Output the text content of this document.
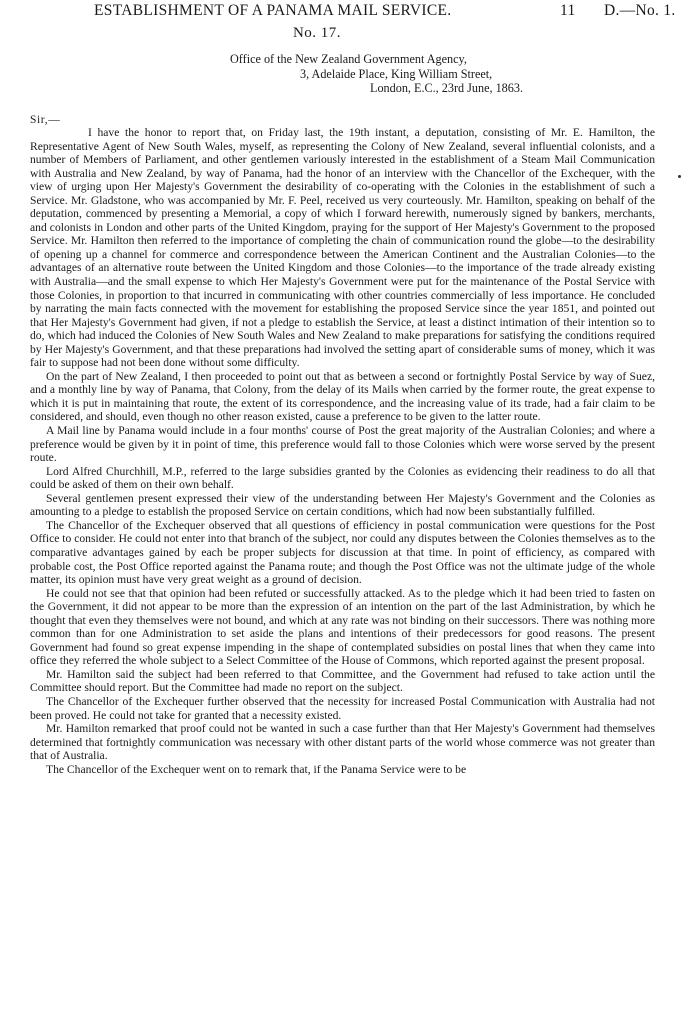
ESTABLISHMENT OF A PANAMA MAIL SERVICE.	11 D.—No. 1.
No. 17.
Office of the New Zealand Government Agency,
3, Adelaide Place, King William Street,
London, E.C., 23rd June, 1863.
Sir,—

I have the honor to report that, on Friday last, the 19th instant, a deputation, consisting of Mr. E. Hamilton, the Representative Agent of New South Wales, myself, as representing the Colony of New Zealand, several influential colonists, and a number of Members of Parliament, and other gentlemen variously interested in the establishment of a Steam Mail Communication with Australia and New Zealand, by way of Panama, had the honor of an interview with the Chancellor of the Exchequer, with the view of urging upon Her Majesty's Government the desirability of co-operating with the Colonies in the establishment of such a Service. Mr. Gladstone, who was accompanied by Mr. F. Peel, received us very courteously. Mr. Hamilton, speaking on behalf of the deputation, commenced by presenting a Memorial, a copy of which I forward herewith, numerously signed by bankers, merchants, and colonists in London and other parts of the United Kingdom, praying for the support of Her Majesty's Government to the proposed Service. Mr. Hamilton then referred to the importance of completing the chain of communication round the globe—to the desirability of opening up a channel for commerce and correspondence between the American Continent and the Australian Colonies—to the advantages of an alternative route between the United Kingdom and those Colonies—to the importance of the trade already existing with Australia—and the small expense to which Her Majesty's Government were put for the maintenance of the Postal Service with those Colonies, in proportion to that incurred in communicating with other countries commercially of less importance. He concluded by narrating the main facts connected with the movement for establishing the proposed Service since the year 1851, and pointed out that Her Majesty's Government had given, if not a pledge to establish the Service, at least a distinct intimation of their intention so to do, which had induced the Colonies of New South Wales and New Zealand to make preparations for satisfying the conditions required by Her Majesty's Government, and that these preparations had involved the setting apart of considerable sums of money, which it was fair to suppose had not been done without some difficulty.

On the part of New Zealand, I then proceeded to point out that as between a second or fortnightly Postal Service by way of Suez, and a monthly line by way of Panama, that Colony, from the delay of its Mails when carried by the former route, the great expense to which it is put in maintaining that route, the extent of its correspondence, and the increasing value of its trade, had a fair claim to be considered, and should, even though no other reason existed, cause a preference to be given to the latter route.

A Mail line by Panama would include in a four months' course of Post the great majority of the Australian Colonies; and where a preference would be given by it in point of time, this preference would fall to those Colonies which were worse served by the present route.

Lord Alfred Churchhill, M.P., referred to the large subsidies granted by the Colonies as evidencing their readiness to do all that could be asked of them on their own behalf.

Several gentlemen present expressed their view of the understanding between Her Majesty's Government and the Colonies as amounting to a pledge to establish the proposed Service on certain conditions, which had now been substantially fulfilled.

The Chancellor of the Exchequer observed that all questions of efficiency in postal communication were questions for the Post Office to consider. He could not enter into that branch of the subject, nor could any disputes between the Colonies themselves as to the comparative advantages gained by each be proper subjects for discussion at that time. In point of efficiency, as compared with probable cost, the Post Office reported against the Panama route; and though the Post Office was not the ultimate judge of the whole matter, its opinion must have very great weight as a ground of decision.

He could not see that that opinion had been refuted or successfully attacked. As to the pledge which it had been tried to fasten on the Government, it did not appear to be more than the expression of an intention on the part of the last Administration, by which he thought that even they themselves were not bound, and which at any rate was not binding on their successors. There was nothing more common than for one Administration to set aside the plans and intentions of their predecessors for good reasons. The present Government had found so great expense impending in the shape of contemplated subsidies on postal lines that when they came into office they referred the whole subject to a Select Committee of the House of Commons, which reported against the present proposal.

Mr. Hamilton said the subject had been referred to that Committee, and the Government had refused to take action until the Committee should report. But the Committee had made no report on the subject.

The Chancellor of the Exchequer further observed that the necessity for increased Postal Communication with Australia had not been proved. He could not take for granted that a necessity existed.

Mr. Hamilton remarked that proof could not be wanted in such a case further than that Her Majesty's Government had themselves determined that fortnightly communication was necessary with other distant parts of the world whose commerce was not greater than that of Australia.

The Chancellor of the Exchequer went on to remark that, if the Panama Service were to be
